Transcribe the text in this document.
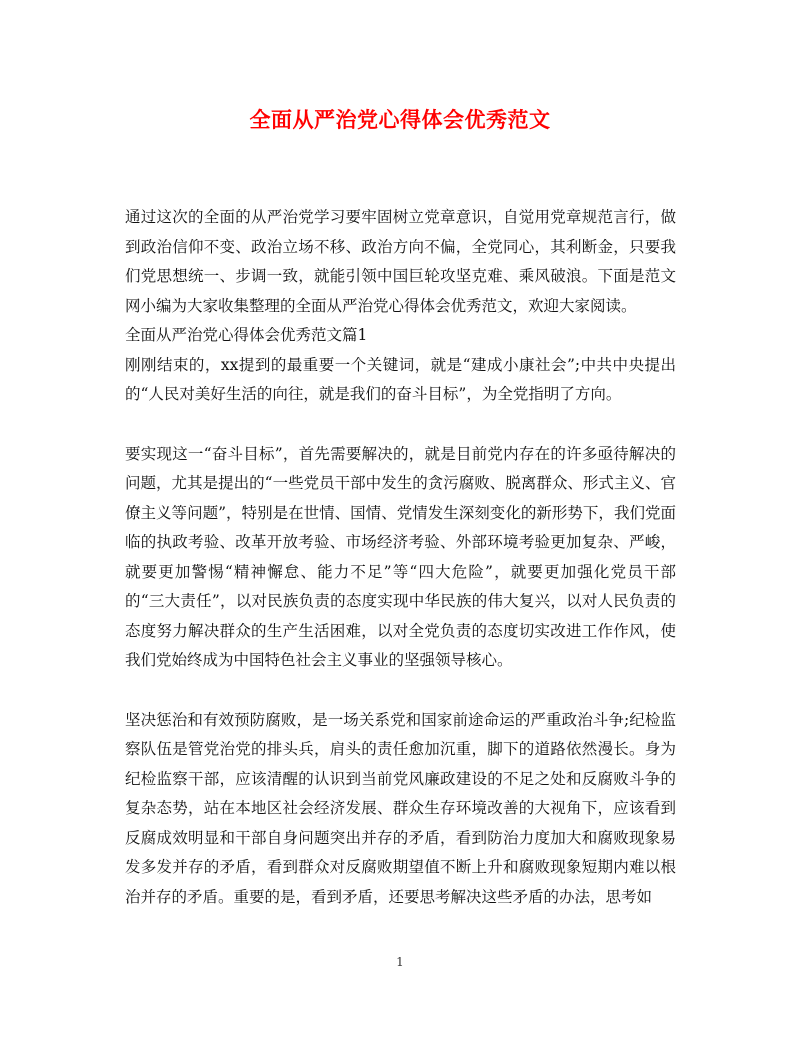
全面从严治党心得体会优秀范文

通过这次的全面的从严治党学习要牢固树立党章意识，自觉用党章规范言行，做到政治信仰不变、政治立场不移、政治方向不偏，全党同心，其利断金，只要我们党思想统一、步调一致，就能引领中国巨轮攻坚克难、乘风破浪。下面是范文网小编为大家收集整理的全面从严治党心得体会优秀范文，欢迎大家阅读。

全面从严治党心得体会优秀范文篇1

刚刚结束的，xx提到的最重要一个关键词，就是“建成小康社会”;中共中央提出的“人民对美好生活的向往，就是我们的奋斗目标”，为全党指明了方向。

要实现这一“奋斗目标”，首先需要解决的，就是目前党内存在的许多亟待解决的问题，尤其是提出的“一些党员干部中发生的贪污腐败、脱离群众、形式主义、官僚主义等问题”，特别是在世情、国情、党情发生深刻变化的新形势下，我们党面临的执政考验、改革开放考验、市场经济考验、外部环境考验更加复杂、严峻，就要更加警惕“精神懈怠、能力不足”等“四大危险”，就要更加强化党员干部的“三大责任”，以对民族负责的态度实现中华民族的伟大复兴，以对人民负责的态度努力解决群众的生产生活困难，以对全党负责的态度切实改进工作作风，使我们党始终成为中国特色社会主义事业的坚强领导核心。

坚决惩治和有效预防腐败，是一场关系党和国家前途命运的严重政治斗争;纪检监察队伍是管党治党的排头兵，肩头的责任愈加沉重，脚下的道路依然漫长。身为纪检监察干部，应该清醒的认识到当前党风廉政建设的不足之处和反腐败斗争的复杂态势，站在本地区社会经济发展、群众生存环境改善的大视角下，应该看到反腐成效明显和干部自身问题突出并存的矛盾，看到防治力度加大和腐败现象易发多发并存的矛盾，看到群众对反腐败期望值不断上升和腐败现象短期内难以根治并存的矛盾。重要的是，看到矛盾，还要思考解决这些矛盾的办法，思考如

1
